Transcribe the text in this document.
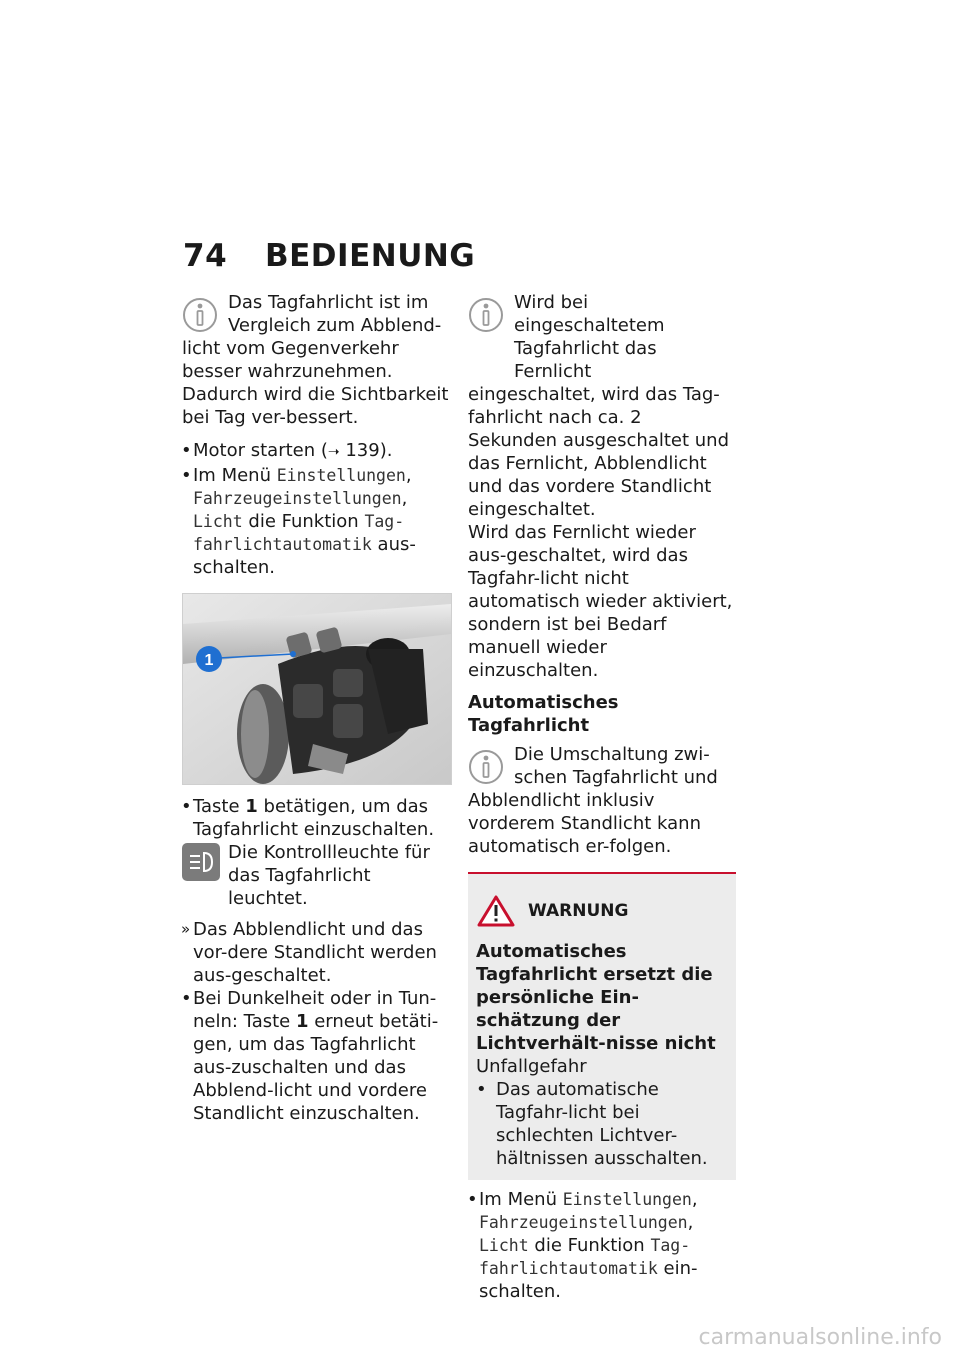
74 BEDIENUNG

Das Tagfahrlicht ist im

Vergleich zum Abblend-

licht vom Gegenverkehr besser wahrzunehmen. Dadurch wird die Sichtbarkeit bei Tag ver-bessert.

• Motor starten (➝ 139).

• Im Menü Einstellungen, Fahrzeugeinstellungen, Licht die Funktion Tag-fahrlichtautomatik aus-schalten.

1

• Taste 1 betätigen, um das Tagfahrlicht einzuschalten.

Die Kontrollleuchte für das Tagfahrlicht leuchtet.

» Das Abblendlicht und das vor-dere Standlicht werden aus-geschaltet.

• Bei Dunkelheit oder in Tun-neln: Taste 1 erneut betäti-gen, um das Tagfahrlicht aus-zuschalten und das Abblend-licht und vordere Standlicht einzuschalten.

Wird bei eingeschaltetem

Tagfahrlicht das Fernlicht

eingeschaltet, wird das Tag-fahrlicht nach ca. 2 Sekunden ausgeschaltet und das Fernlicht, Abblendlicht und das vordere Standlicht eingeschaltet.

Wird das Fernlicht wieder aus-geschaltet, wird das Tagfahr-licht nicht automatisch wieder aktiviert, sondern ist bei Bedarf manuell wieder einzuschalten.

Automatisches Tagfahrlicht

Die Umschaltung zwi-

schen Tagfahrlicht und

Abblendlicht inklusiv vorderem Standlicht kann automatisch er-folgen.

WARNUNG

Automatisches Tagfahrlicht ersetzt die persönliche Ein-schätzung der Lichtverhält-nisse nicht

Unfallgefahr

• Das automatische Tagfahr-licht bei schlechten Lichtver-hältnissen ausschalten.

• Im Menü Einstellungen, Fahrzeugeinstellungen, Licht die Funktion Tag-fahrlichtautomatik ein-schalten.

carmanualsonline.info
